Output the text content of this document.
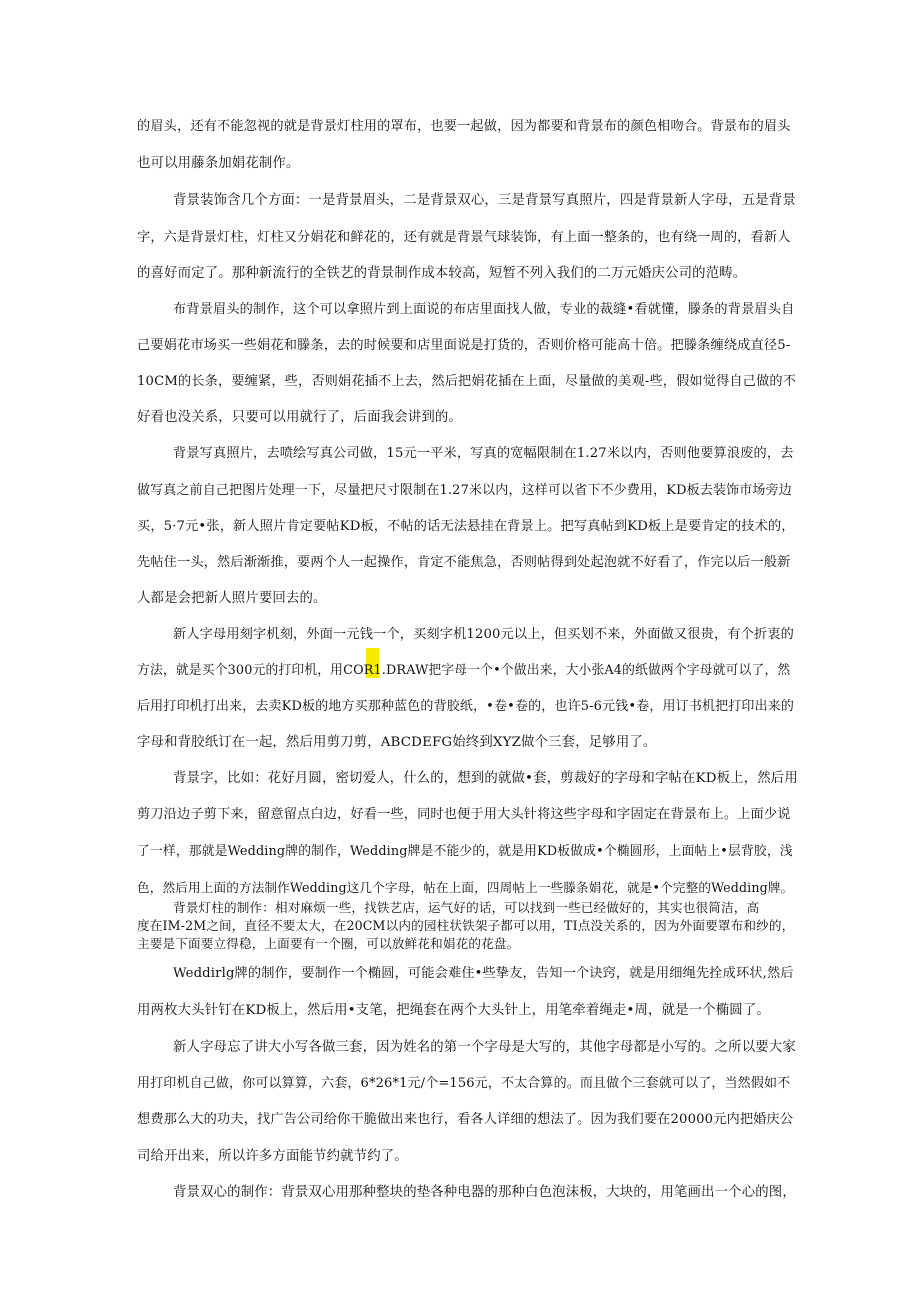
的眉头，还有不能忽视的就是背景灯柱用的罩布，也要一起做，因为都要和背景布的颜色相吻合。背景布的眉头
也可以用藤条加娟花制作。
背景装饰含几个方面：一是背景眉头，二是背景双心，三是背景写真照片，四是背景新人字母，五是背景
字，六是背景灯柱，灯柱又分娟花和鲜花的，还有就是背景气球装饰，有上面一整条的，也有绕一周的，看新人
的喜好而定了。那种新流行的全铁艺的背景制作成本较高，短暂不列入我们的二万元婚庆公司的范畴。
布背景眉头的制作，这个可以拿照片到上面说的布店里面找人做，专业的裁缝•看就懂，滕条的背景眉头自
己要娟花市场买一些娟花和滕条，去的时候要和店里面说是打货的，否则价格可能高十倍。把滕条缠绕成直径5-
10CM的长条，要缠紧，些，否则娟花插不上去，然后把娟花插在上面，尽量做的美观-些，假如觉得自己做的不
好看也没关系，只要可以用就行了，后面我会讲到的。
背景写真照片，去喷绘写真公司做，15元一平米，写真的宽幅限制在1.27米以内，否则他要算浪废的，去
做写真之前自己把图片处理一下，尽量把尺寸限制在1.27米以内，这样可以省下不少费用，KD板去装饰市场旁边
买，5·7元•张，新人照片肯定要帖KD板，不帖的话无法悬挂在背景上。把写真帖到KD板上是要肯定的技术的，
先帖住一头，然后渐渐推，要两个人一起操作，肯定不能焦急，否则帖得到处起泡就不好看了，作完以后一般新
人都是会把新人照片要回去的。
新人字母用刻字机刻，外面一元钱一个，买刻字机1200元以上，但买划不来，外面做又很贵，有个折衷的
方法，就是买个300元的打印机，用COR1.DRAW把字母一个•个做出来，大小张A4的纸做两个字母就可以了，然
后用打印机打出来，去卖KD板的地方买那种蓝色的背胶纸，•卷•卷的，也许5-6元钱•卷，用订书机把打印出来的
字母和背胶纸订在一起，然后用剪刀剪，ABCDEFG始终到XYZ做个三套，足够用了。
背景字，比如：花好月圆，密切爱人，什么的，想到的就做•套，剪裁好的字母和字帖在KD板上，然后用
剪刀沿边子剪下来，留意留点白边，好看一些，同时也便于用大头针将这些字母和字固定在背景布上。上面少说
了一样，那就是Wedding牌的制作，Wedding牌是不能少的，就是用KD板做成•个椭圆形，上面帖上•层背胶，浅
色，然后用上面的方法制作Wedding这几个字母，帖在上面，四周帖上一些滕条娟花，就是•个完整的Wedding牌。
背景灯柱的制作：相对麻烦一些，找铁艺店，运气好的话，可以找到一些已经做好的，其实也很简洁，高
度在IM-2M之间，直径不要太大，在20CM以内的园柱状铁架子都可以用，TI点没关系的，因为外面要罩布和纱的，
主要是下面要立得稳，上面要有一个圈，可以放鲜花和娟花的花盘。
Weddirlg牌的制作，要制作一个椭圆，可能会难住•些挚友，告知一个诀窍，就是用细绳先拴成环状,然后
用两枚大头针钉在KD板上，然后用•支笔，把绳套在两个大头针上，用笔牵着绳走•周，就是一个椭圆了。
新人字母忘了讲大小写各做三套，因为姓名的第一个字母是大写的，其他字母都是小写的。之所以要大家
用打印机自己做，你可以算算，六套，6*26*1元/个=156元，不太合算的。而且做个三套就可以了，当然假如不
想费那么大的功夫，找广告公司给你干脆做出来也行，看各人详细的想法了。因为我们要在20000元内把婚庆公
司给开出来，所以许多方面能节约就节约了。
背景双心的制作：背景双心用那种整块的垫各种电器的那种白色泡沫板，大块的，用笔画出一个心的图，
